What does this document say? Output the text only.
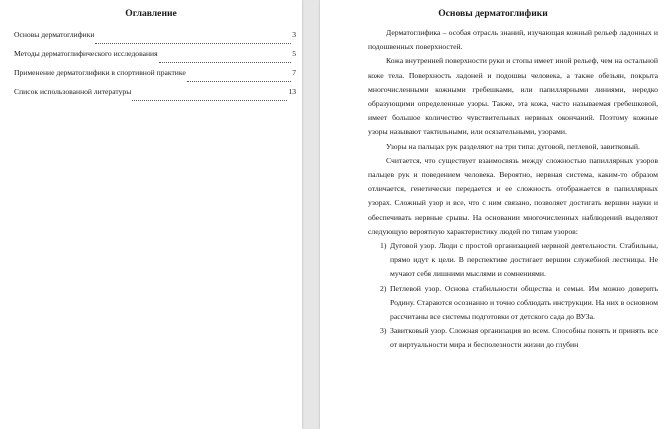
Оглавление
Основы дерматоглифики	3
Методы дерматоглифического исследования	5
Применение дерматоглифики в спортивной практике	7
Список использованной литературы	13
Основы дерматоглифики

Дерматоглифика – особая отрасль знаний, изучающая кожный рельеф ладонных и подошвенных поверхностей.

Кожа внутренней поверхности руки и стопы имеет иной рельеф, чем на остальной коже тела. Поверхность ладоней и подошвы человека, а также обезьян, покрыта многочисленными кожными гребешками, или папиллярными линиями, нередко образующими определенные узоры. Также, эта кожа, часто называемая гребешковой, имеет большое количество чувствительных нервных окончаний. Поэтому кожные узоры называют тактильными, или осязательными, узорами.

Узоры на пальцах рук разделяют на три типа: дуговой, петлевой, завитковый.

Считается, что существует взаимосвязь между сложностью папиллярных узоров пальцев рук и поведением человека. Вероятно, нервная система, каким-то образом отличается, генетически передается и ее сложность отображается в папиллярных узорах. Сложный узор и все, что с ним связано, позволяет достигать вершин науки и обеспечивать нервные срывы. На основании многочисленных наблюдений выделяют следующую вероятную характеристику людей по типам узоров:

1) Дуговой узор. Люди с простой организацией нервной деятельности. Стабильны, прямо идут к цели. В перспективе достигает вершин служебной лестницы. Не мучают себя лишними мыслями и сомнениями.
2) Петлевой узор. Основа стабильности общества и семьи. Им можно доверить Родину. Стараются осознанно и точно соблюдать инструкции. На них в основном рассчитаны все системы подготовки от детского сада до ВУЗа.
3) Завитковый узор. Сложная организация во всем. Способны понять и принять все от виртуальности мира и бесполезности жизни до глубин
